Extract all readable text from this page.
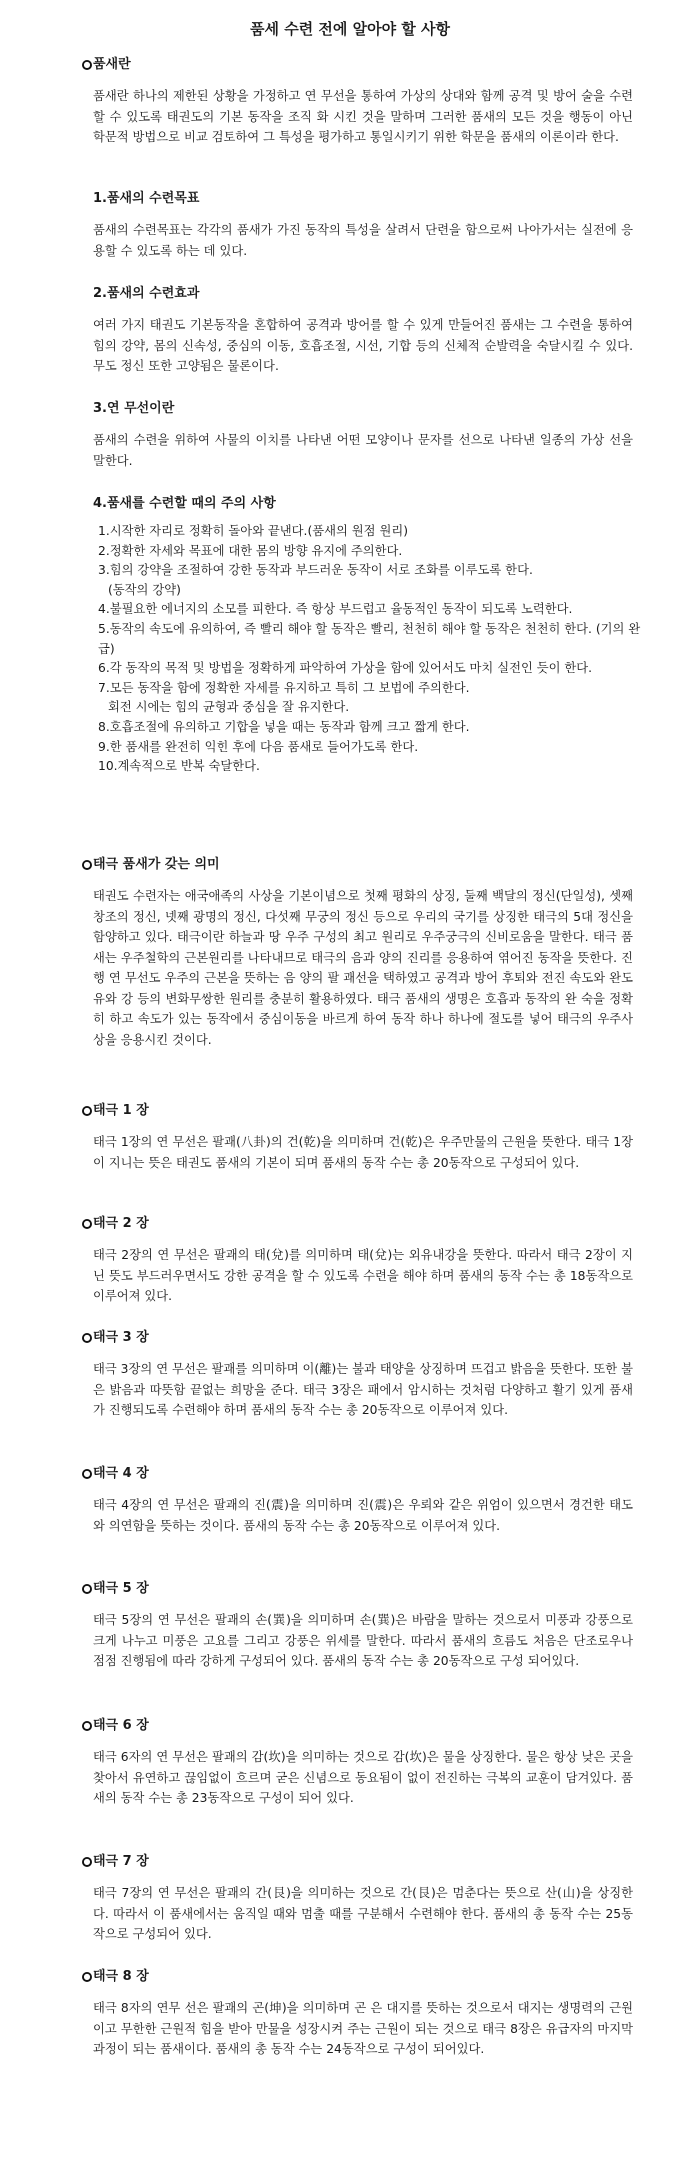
품세 수련 전에 알아야 할 사항
● 품새란

품새란 하나의 제한된 상황을 가정하고 연 무선을 통하여 가상의 상대와 함께 공격 및 방어 술을 수련할 수 있도록 태권도의 기본 동작을 조직 화 시킨 것을 말하며 그러한 품새의 모든 것을 행동이 아닌 학문적 방법으로 비교 검토하여 그 특성을 평가하고 통일시키기 위한 학문을 품새의 이론이라 한다.

1.품새의 수련목표

품새의 수련목표는 각각의 품새가 가진 동작의 특성을 살려서 단련을 함으로써 나아가서는 실전에 응용할 수 있도록 하는 데 있다.

2.품새의 수련효과

여러 가지 태권도 기본동작을 혼합하여 공격과 방어를 할 수 있게 만들어진 품새는 그 수련을 통하여 힘의 강약, 몸의 신속성, 중심의 이동, 호흡조절, 시선, 기합 등의 신체적 순발력을 숙달시킬 수 있다. 무도 정신 또한 고양됨은 물론이다.

3.연 무선이란

품새의 수련을 위하여 사물의 이치를 나타낸 어떤 모양이나 문자를 선으로 나타낸 일종의 가상 선을 말한다.

4.품새를 수련할 때의 주의 사항
1.시작한 자리로 정확히 돌아와 끝낸다.(품새의 원점 원리)
2.정확한 자세와 목표에 대한 몸의 방향 유지에 주의한다.
3.힘의 강약을 조절하여 강한 동작과 부드러운 동작이 서로 조화를 이루도록 한다.
(동작의 강약)
4.불필요한 에너지의 소모를 피한다. 즉 항상 부드럽고 율동적인 동작이 되도록 노력한다.
5.동작의 속도에 유의하여, 즉 빨리 해야 할 동작은 빨리, 천천히 해야 할 동작은 천천히 한다. (기의 완급)
6.각 동작의 목적 및 방법을 정확하게 파악하여 가상을 함에 있어서도 마치 실전인 듯이 한다.
7.모든 동작을 함에 정확한 자세를 유지하고 특히 그 보법에 주의한다.
회전 시에는 힘의 균형과 중심을 잘 유지한다.
8.호흡조절에 유의하고 기합을 넣을 때는 동작과 함께 크고 짧게 한다.
9.한 품새를 완전히 익힌 후에 다음 품새로 들어가도록 한다.
10.계속적으로 반복 숙달한다.
● 태극 품새가 갖는 의미

태권도 수련자는 애국애족의 사상을 기본이념으로 첫째 평화의 상징, 둘째 백달의 정신(단일성), 셋째 창조의 정신, 넷째 광명의 정신, 다섯째 무궁의 정신 등으로 우리의 국기를 상징한 태극의 5대 정신을 함양하고 있다. 태극이란 하늘과 땅 우주 구성의 최고 원리로 우주궁극의 신비로움을 말한다. 태극 품새는 우주철학의 근본원리를 나타내므로 태극의 음과 양의 진리를 응용하여 엮어진 동작을 뜻한다. 진행 연 무선도 우주의 근본을 뜻하는 음 양의 팔 괘선을 택하였고 공격과 방어 후퇴와 전진 속도와 완도 유와 강 등의 변화무쌍한 원리를 충분히 활용하였다. 태극 품새의 생명은 호흡과 동작의 완 숙을 정확히 하고 속도가 있는 동작에서 중심이동을 바르게 하여 동작 하나 하나에 절도를 넣어 태극의 우주사상을 응용시킨 것이다.

● 태극 1 장

태극 1장의 연 무선은 팔괘(八卦)의 건(乾)을 의미하며 건(乾)은 우주만물의 근원을 뜻한다. 태극 1장이 지니는 뜻은 태권도 품새의 기본이 되며 품새의 동작 수는 총 20동작으로 구성되어 있다.

● 태극 2 장

태극 2장의 연 무선은 팔괘의 태(兌)를 의미하며 태(兌)는 외유내강을 뜻한다. 따라서 태극 2장이 지닌 뜻도 부드러우면서도 강한 공격을 할 수 있도록 수련을 해야 하며 품새의 동작 수는 총 18동작으로 이루어져 있다.

● 태극 3 장

태극 3장의 연 무선은 팔괘를 의미하며 이(離)는 불과 태양을 상징하며 뜨겁고 밝음을 뜻한다. 또한 불은 밝음과 따뜻함 끝없는 희망을 준다. 태극 3장은 패에서 암시하는 것처럼 다양하고 활기 있게 품새가 진행되도록 수련해야 하며 품새의 동작 수는 총 20동작으로 이루어져 있다.

● 태극 4 장

태극 4장의 연 무선은 팔괘의 진(震)을 의미하며 진(震)은 우뢰와 같은 위엄이 있으면서 경건한 태도와 의연함을 뜻하는 것이다. 품새의 동작 수는 총 20동작으로 이루어져 있다.

● 태극 5 장

태극 5장의 연 무선은 팔괘의 손(巽)을 의미하며 손(巽)은 바람을 말하는 것으로서 미풍과 강풍으로 크게 나누고 미풍은 고요를 그리고 강풍은 위세를 말한다. 따라서 품새의 흐름도 처음은 단조로우나 점점 진행됨에 따라 강하게 구성되어 있다. 품새의 동작 수는 총 20동작으로 구성 되어있다.

● 태극 6 장

태극 6자의 연 무선은 팔괘의 감(坎)을 의미하는 것으로 감(坎)은 물을 상징한다. 물은 항상 낮은 곳을 찾아서 유연하고 끊임없이 흐르며 굳은 신념으로 동요됨이 없이 전진하는 극복의 교훈이 담겨있다. 품새의 동작 수는 총 23동작으로 구성이 되어 있다.

● 태극 7 장

태극 7장의 연 무선은 팔괘의 간(艮)을 의미하는 것으로 간(艮)은 멈춘다는 뜻으로 산(山)을 상징한다. 따라서 이 품새에서는 움직일 때와 멈출 때를 구분해서 수련해야 한다. 품새의 총 동작 수는 25동작으로 구성되어 있다.

● 태극 8 장

태극 8자의 연무 선은 팔괘의 곤(坤)을 의미하며 곤 은 대지를 뜻하는 것으로서 대지는 생명력의 근원이고 무한한 근원적 힘을 받아 만물을 성장시켜 주는 근원이 되는 것으로 태극 8장은 유급자의 마지막 과정이 되는 품새이다. 품새의 총 동작 수는 24동작으로 구성이 되어있다.
